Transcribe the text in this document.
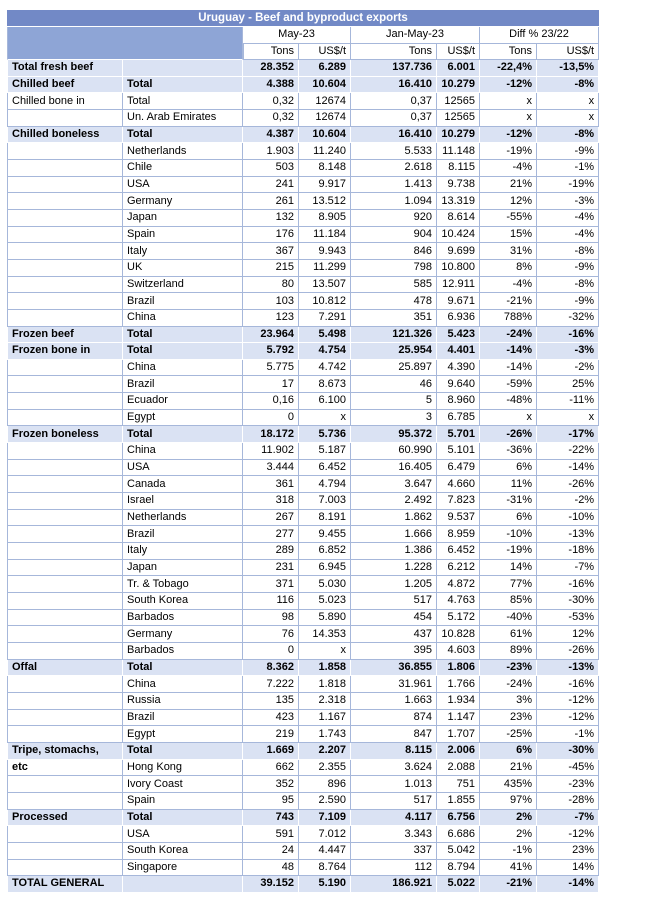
Uruguay - Beef and byproduct exports							
		May-23		Jan-May-23		Diff % 23/22	
		Tons	US$/t	Tons	US$/t	Tons	US$/t
Total fresh beef		28.352	6.289	137.736	6.001	-22,4%	-13,5%
Chilled beef	Total	4.388	10.604	16.410	10.279	-12%	-8%
Chilled bone in	Total	0,32	12674	0,37	12565	x	x
	Un. Arab Emirates	0,32	12674	0,37	12565	x	x
Chilled boneless	Total	4.387	10.604	16.410	10.279	-12%	-8%
	Netherlands	1.903	11.240	5.533	11.148	-19%	-9%
	Chile	503	8.148	2.618	8.115	-4%	-1%
	USA	241	9.917	1.413	9.738	21%	-19%
	Germany	261	13.512	1.094	13.319	12%	-3%
	Japan	132	8.905	920	8.614	-55%	-4%
	Spain	176	11.184	904	10.424	15%	-4%
	Italy	367	9.943	846	9.699	31%	-8%
	UK	215	11.299	798	10.800	8%	-9%
	Switzerland	80	13.507	585	12.911	-4%	-8%
	Brazil	103	10.812	478	9.671	-21%	-9%
	China	123	7.291	351	6.936	788%	-32%
Frozen beef	Total	23.964	5.498	121.326	5.423	-24%	-16%
Frozen bone in	Total	5.792	4.754	25.954	4.401	-14%	-3%
	China	5.775	4.742	25.897	4.390	-14%	-2%
	Brazil	17	8.673	46	9.640	-59%	25%
	Ecuador	0,16	6.100	5	8.960	-48%	-11%
	Egypt	0	x	3	6.785	x	x
Frozen boneless	Total	18.172	5.736	95.372	5.701	-26%	-17%
	China	11.902	5.187	60.990	5.101	-36%	-22%
	USA	3.444	6.452	16.405	6.479	6%	-14%
	Canada	361	4.794	3.647	4.660	11%	-26%
	Israel	318	7.003	2.492	7.823	-31%	-2%
	Netherlands	267	8.191	1.862	9.537	6%	-10%
	Brazil	277	9.455	1.666	8.959	-10%	-13%
	Italy	289	6.852	1.386	6.452	-19%	-18%
	Japan	231	6.945	1.228	6.212	14%	-7%
	Tr. & Tobago	371	5.030	1.205	4.872	77%	-16%
	South Korea	116	5.023	517	4.763	85%	-30%
	Barbados	98	5.890	454	5.172	-40%	-53%
	Germany	76	14.353	437	10.828	61%	12%
	Barbados	0	x	395	4.603	89%	-26%
Offal	Total	8.362	1.858	36.855	1.806	-23%	-13%
	China	7.222	1.818	31.961	1.766	-24%	-16%
	Russia	135	2.318	1.663	1.934	3%	-12%
	Brazil	423	1.167	874	1.147	23%	-12%
	Egypt	219	1.743	847	1.707	-25%	-1%
Tripe, stomachs,	Total	1.669	2.207	8.115	2.006	6%	-30%
etc	Hong Kong	662	2.355	3.624	2.088	21%	-45%
	Ivory Coast	352	896	1.013	751	435%	-23%
	Spain	95	2.590	517	1.855	97%	-28%
Processed	Total	743	7.109	4.117	6.756	2%	-7%
	USA	591	7.012	3.343	6.686	2%	-12%
	South Korea	24	4.447	337	5.042	-1%	23%
	Singapore	48	8.764	112	8.794	41%	14%
TOTAL GENERAL		39.152	5.190	186.921	5.022	-21%	-14%
